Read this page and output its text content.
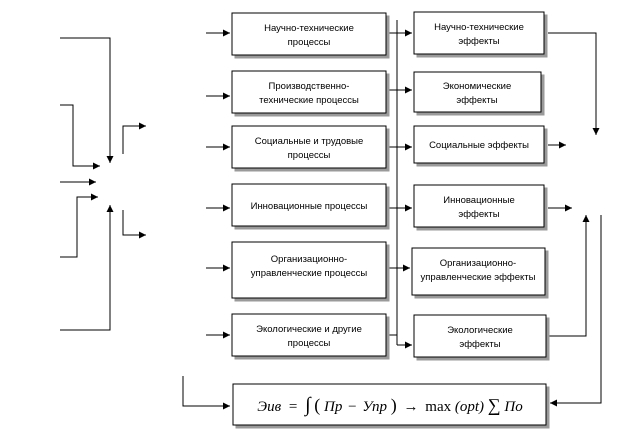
Научно-технические
процессы
Производственно-
технические процессы
Социальные и трудовые
процессы
Инновационные процессы
Организационно-
управленческие процессы
Экологические и другие
процессы
Научно-технические
эффекты
Экономические
эффекты
Социальные эффекты
Инновационные
эффекты
Организационно-
управленческие эффекты
Экологические
эффекты
Эив = ∫ ( Пр − Упр ) → max (opt) ∑ По
